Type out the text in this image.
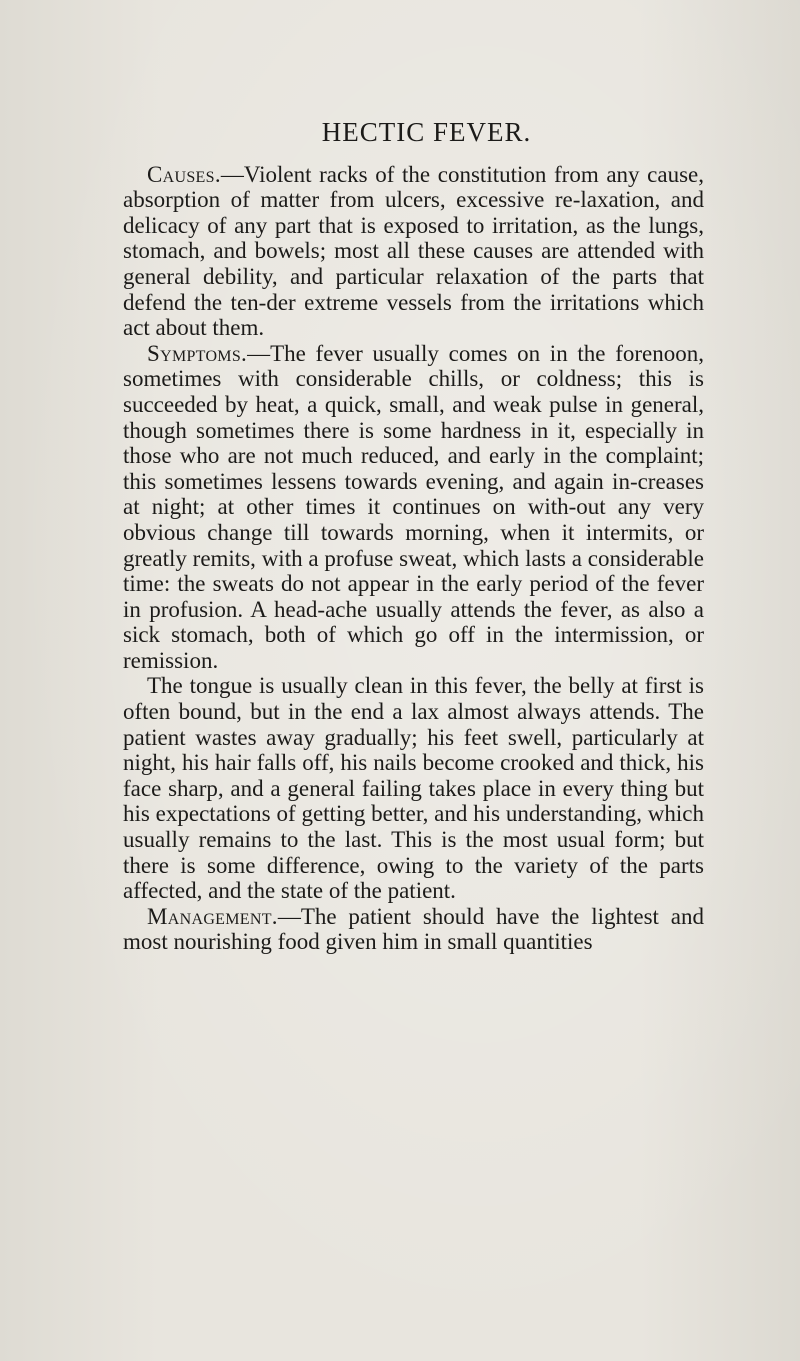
HECTIC FEVER.

Causes.—Violent racks of the constitution from any cause, absorption of matter from ulcers, excessive re-laxation, and delicacy of any part that is exposed to irritation, as the lungs, stomach, and bowels; most all these causes are attended with general debility, and particular relaxation of the parts that defend the ten-der extreme vessels from the irritations which act about them.

Symptoms.—The fever usually comes on in the forenoon, sometimes with considerable chills, or coldness; this is succeeded by heat, a quick, small, and weak pulse in general, though sometimes there is some hardness in it, especially in those who are not much reduced, and early in the complaint; this sometimes lessens towards evening, and again in-creases at night; at other times it continues on with-out any very obvious change till towards morning, when it intermits, or greatly remits, with a profuse sweat, which lasts a considerable time: the sweats do not appear in the early period of the fever in profusion. A head-ache usually attends the fever, as also a sick stomach, both of which go off in the intermission, or remission.

The tongue is usually clean in this fever, the belly at first is often bound, but in the end a lax almost always attends. The patient wastes away gradually; his feet swell, particularly at night, his hair falls off, his nails become crooked and thick, his face sharp, and a general failing takes place in every thing but his expectations of getting better, and his understanding, which usually remains to the last. This is the most usual form; but there is some difference, owing to the variety of the parts affected, and the state of the patient.

Management.—The patient should have the lightest and most nourishing food given him in small quantities
